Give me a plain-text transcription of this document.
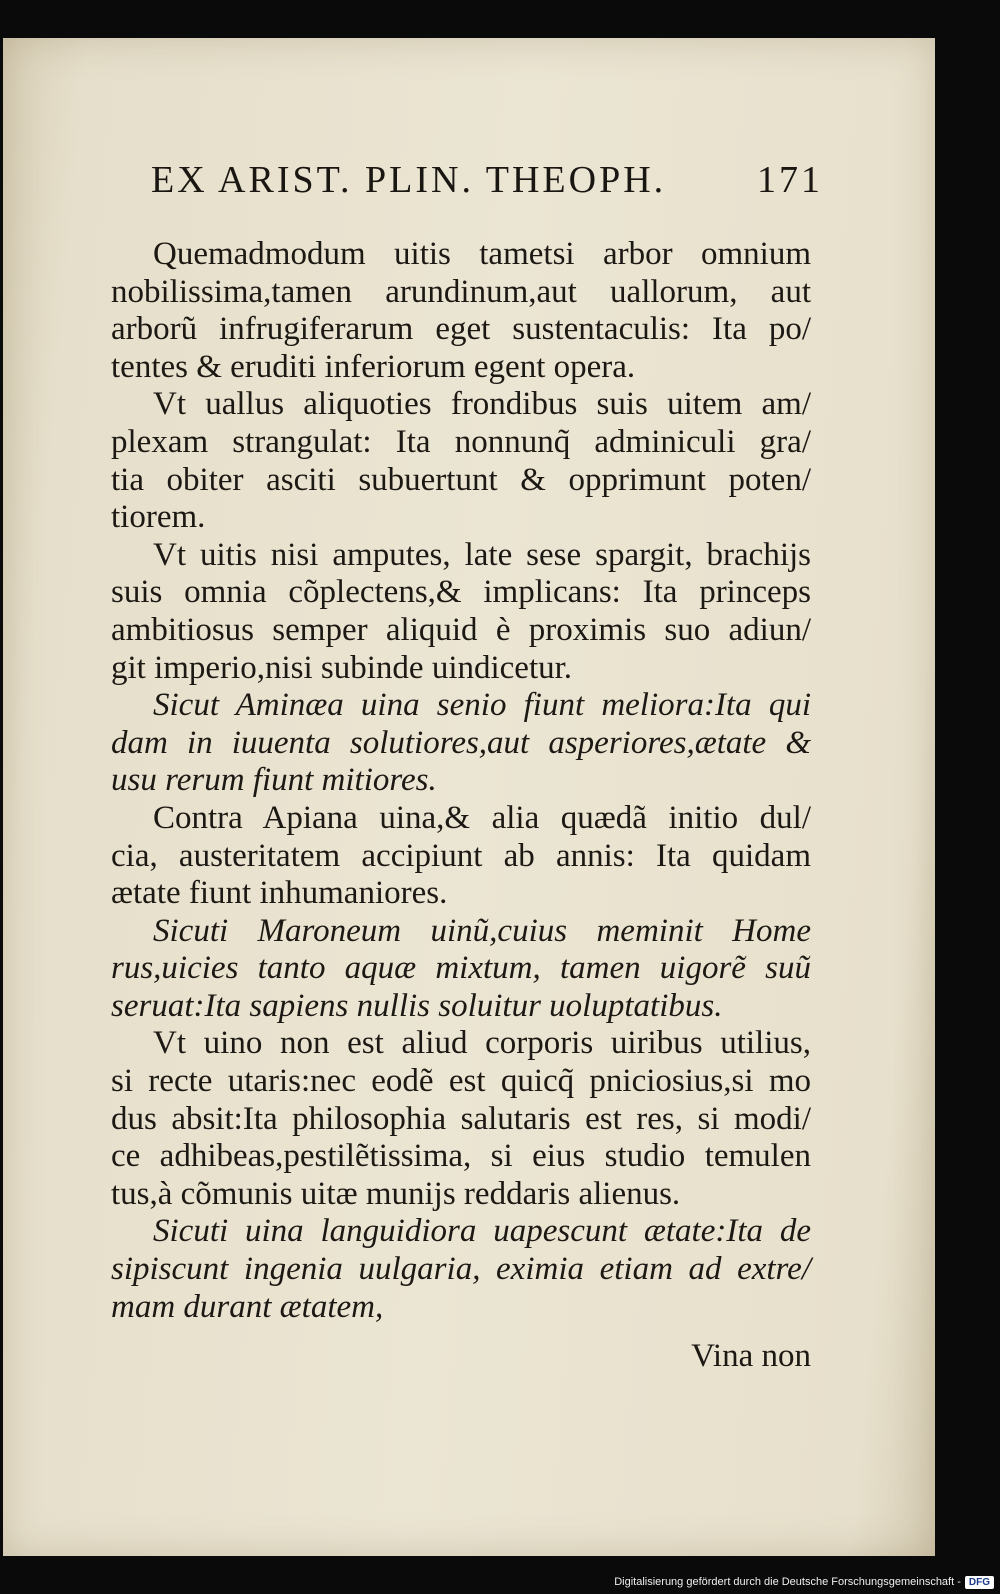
EX ARIST. PLIN. THEOPH. 171
Quemadmodum uitis tametsi arbor omnium
nobilissima,tamen arundinum,aut uallorum, aut
arborũ infrugiferarum eget sustentaculis: Ita po/
tentes & eruditi inferiorum egent opera.
Vt uallus aliquoties frondibus suis uitem am/
plexam strangulat: Ita nonnunq̃ adminiculi gra/
tia obiter asciti subuertunt & opprimunt poten/
tiorem.
Vt uitis nisi amputes, late sese spargit, brachijs
suis omnia cõplectens,& implicans: Ita princeps
ambitiosus semper aliquid è proximis suo adiun/
git imperio,nisi subinde uindicetur.
Sicut Aminæa uina senio fiunt meliora:Ita qui
dam in iuuenta solutiores,aut asperiores,ætate &
usu rerum fiunt mitiores.
Contra Apiana uina,& alia quædã initio dul/
cia, austeritatem accipiunt ab annis: Ita quidam
ætate fiunt inhumaniores.
Sicuti Maroneum uinũ,cuius meminit Home
rus,uicies tanto aquæ mixtum, tamen uigorẽ suũ
seruat:Ita sapiens nullis soluitur uoluptatibus.
Vt uino non est aliud corporis uiribus utilius,
si recte utaris:nec eodẽ est quicq̃ pniciosius,si mo
dus absit:Ita philosophia salutaris est res, si modi/
ce adhibeas,pestilẽtissima, si eius studio temulen
tus,à cõmunis uitæ munijs reddaris alienus.
Sicuti uina languidiora uapescunt ætate:Ita de
sipiscunt ingenia uulgaria, eximia etiam ad extre/
mam durant ætatem,
Vina non
Digitalisierung gefördert durch die Deutsche Forschungsgemeinschaft - DFG
